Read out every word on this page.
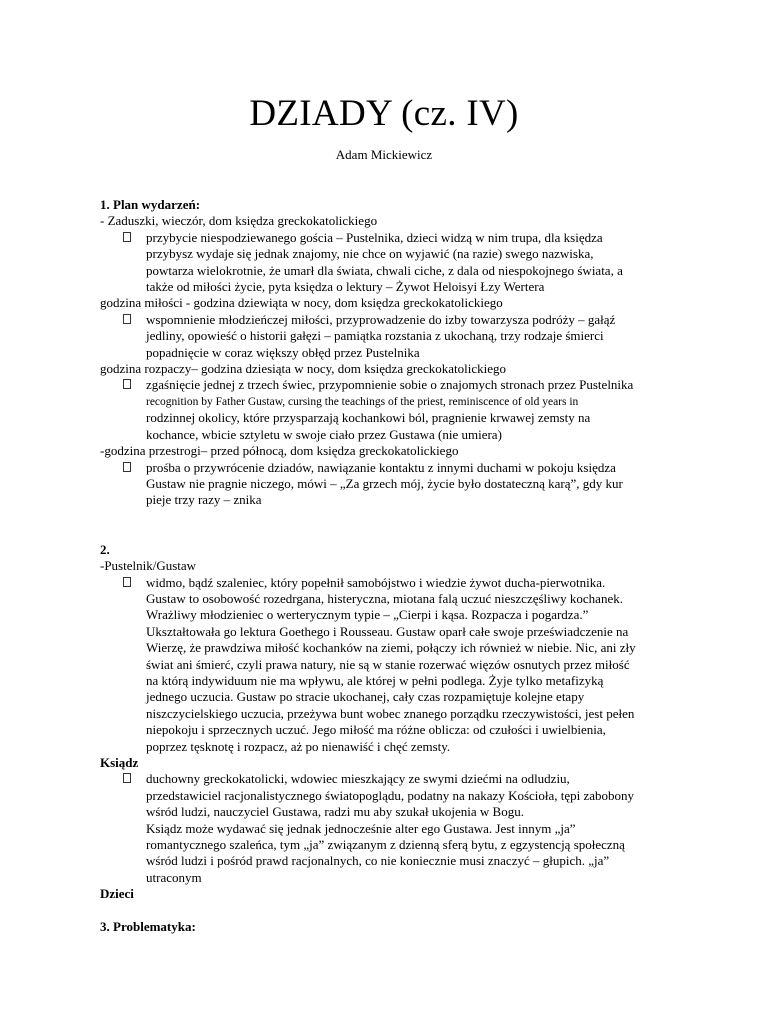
DZIADY (cz. IV)
Adam Mickiewicz
1. Plan wydarzeń:
- Zaduszki, wieczór, dom księdza greckokatolickiego
przybycie niespodziewanego gościa – Pustelnika, dzieci widzą w nim trupa, dla księdza
przybysz wydaje się jednak znajomy, nie chce on wyjawić (na razie) swego nazwiska,
powtarza wielokrotnie, że umarł dla świata, chwali ciche, z dala od niespokojnego świata, a
także od miłości życie, pyta księdza o lektury – Żywot Heloisyi Łzy Wertera
godzina miłości - godzina dziewiąta w nocy, dom księdza greckokatolickiego
wspomnienie młodzieńczej miłości, przyprowadzenie do izby towarzysza podróży – gałąź
jedliny, opowieść o historii gałęzi – pamiątka rozstania z ukochaną, trzy rodzaje śmierci
popadnięcie w coraz większy obłęd przez Pustelnika
godzina rozpaczy– godzina dziesiąta w nocy, dom księdza greckokatolickiego
zgaśnięcie jednej z trzech świec, przypomnienie sobie o znajomych stronach przez Pustelnika
recognition by Father Gustaw, cursing the teachings of the priest, reminiscence of old years in
rodzinnej okolicy, które przysparzają kochankowi ból, pragnienie krwawej zemsty na
kochance, wbicie sztyletu w swoje ciało przez Gustawa (nie umiera)
-godzina przestrogi– przed północą, dom księdza greckokatolickiego
prośba o przywrócenie dziadów, nawiązanie kontaktu z innymi duchami w pokoju księdza
Gustaw nie pragnie niczego, mówi – „Za grzech mój, życie było dostateczną karą”, gdy kur
pieje trzy razy – znika
2.
-Pustelnik/Gustaw
widmo, bądź szaleniec, który popełnił samobójstwo i wiedzie żywot ducha-pierwotnika.
Gustaw to osobowość rozedrgana, histeryczna, miotana falą uczuć nieszczęśliwy kochanek.
Wrażliwy młodzieniec o werterycznym typie – „Cierpi i kąsa. Rozpacza i pogardza.”
Ukształtowała go lektura Goethego i Rousseau. Gustaw oparł całe swoje przeświadczenie na
Wierzę, że prawdziwa miłość kochanków na ziemi, połączy ich również w niebie. Nic, ani zły
świat ani śmierć, czyli prawa natury, nie są w stanie rozerwać więzów osnutych przez miłość
na którą indywiduum nie ma wpływu, ale której w pełni podlega. Żyje tylko metafizyką
jednego uczucia. Gustaw po stracie ukochanej, cały czas rozpamiętuje kolejne etapy
niszczycielskiego uczucia, przeżywa bunt wobec znanego porządku rzeczywistości, jest pełen
niepokoju i sprzecznych uczuć. Jego miłość ma różne oblicza: od czułości i uwielbienia,
poprzez tęsknotę i rozpacz, aż po nienawiść i chęć zemsty.
Ksiądz
duchowny greckokatolicki, wdowiec mieszkający ze swymi dziećmi na odludziu,
przedstawiciel racjonalistycznego światopoglądu, podatny na nakazy Kościoła, tępi zabobony
wśród ludzi, nauczyciel Gustawa, radzi mu aby szukał ukojenia w Bogu.
Ksiądz może wydawać się jednak jednocześnie alter ego Gustawa. Jest innym „ja”
romantycznego szaleńca, tym „ja” związanym z dzienną sferą bytu, z egzystencją społeczną
wśród ludzi i pośród prawd racjonalnych, co nie koniecznie musi znaczyć – głupich. „ja”
utraconym
Dzieci
3. Problematyka:
